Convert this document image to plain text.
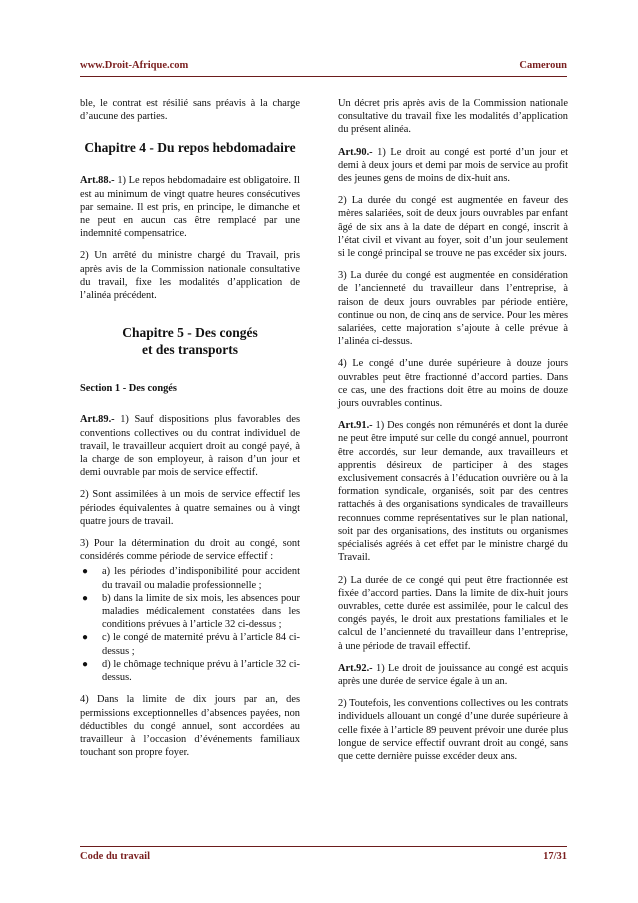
www.Droit-Afrique.com	Cameroun

ble, le contrat est résilié sans préavis à la charge d’aucune des parties.

Chapitre 4 - Du repos hebdomadaire

Art.88.- 1) Le repos hebdomadaire est obligatoire. Il est au minimum de vingt quatre heures consécutives par semaine. Il est pris, en principe, le dimanche et ne peut en aucun cas être remplacé par une indemnité compensatrice.

2) Un arrêté du ministre chargé du Travail, pris après avis de la Commission nationale consultative du travail, fixe les modalités d’application de l’alinéa précédent.

Chapitre 5 - Des congés
et des transports
Section 1 - Des congés

Art.89.- 1) Sauf dispositions plus favorables des conventions collectives ou du contrat individuel de travail, le travailleur acquiert droit au congé payé, à la charge de son employeur, à raison d’un jour et demi ouvrable par mois de service effectif.

2) Sont assimilées à un mois de service effectif les périodes équivalentes à quatre semaines ou à vingt quatre jours de travail.

3) Pour la détermination du droit au congé, sont considérés comme période de service effectif :

● a) les périodes d’indisponibilité pour accident du travail ou maladie professionnelle ;
● b) dans la limite de six mois, les absences pour maladies médicalement constatées dans les conditions prévues à l’article 32 ci-dessus ;
● c) le congé de maternité prévu à l’article 84 ci-dessus ;
● d) le chômage technique prévu à l’article 32 ci-dessus.

4) Dans la limite de dix jours par an, des permissions exceptionnelles d’absences payées, non déductibles du congé annuel, sont accordées au travailleur à l’occasion d’événements familiaux touchant son propre foyer.

Un décret pris après avis de la Commission nationale consultative du travail fixe les modalités d’application du présent alinéa.

Art.90.- 1) Le droit au congé est porté d’un jour et demi à deux jours et demi par mois de service au profit des jeunes gens de moins de dix-huit ans.

2) La durée du congé est augmentée en faveur des mères salariées, soit de deux jours ouvrables par enfant âgé de six ans à la date de départ en congé, inscrit à l’état civil et vivant au foyer, soit d’un jour seulement si le congé principal se trouve ne pas excéder six jours.

3) La durée du congé est augmentée en considération de l’ancienneté du travailleur dans l’entreprise, à raison de deux jours ouvrables par période entière, continue ou non, de cinq ans de service. Pour les mères salariées, cette majoration s’ajoute à celle prévue à l’alinéa ci-dessus.

4) Le congé d’une durée supérieure à douze jours ouvrables peut être fractionné d’accord parties. Dans ce cas, une des fractions doit être au moins de douze jours ouvrables continus.

Art.91.- 1) Des congés non rémunérés et dont la durée ne peut être imputé sur celle du congé annuel, pourront être accordés, sur leur demande, aux travailleurs et apprentis désireux de participer à des stages exclusivement consacrés à l’éducation ouvrière ou à la formation syndicale, organisés, soit par des centres rattachés à des organisations syndicales de travailleurs reconnues comme représentatives sur le plan national, soit par des organisations, des instituts ou organismes spécialisés agréés à cet effet par le ministre chargé du Travail.

2) La durée de ce congé qui peut être fractionnée est fixée d’accord parties. Dans la limite de dix-huit jours ouvrables, cette durée est assimilée, pour le calcul des congés payés, le droit aux prestations familiales et le calcul de l’ancienneté du travailleur dans l’entreprise, à une période de travail effectif.

Art.92.- 1) Le droit de jouissance au congé est acquis après une durée de service égale à un an.

2) Toutefois, les conventions collectives ou les contrats individuels allouant un congé d’une durée supérieure à celle fixée à l’article 89 peuvent prévoir une durée plus longue de service effectif ouvrant droit au congé, sans que cette dernière puisse excéder deux ans.

Code du travail	17/31
